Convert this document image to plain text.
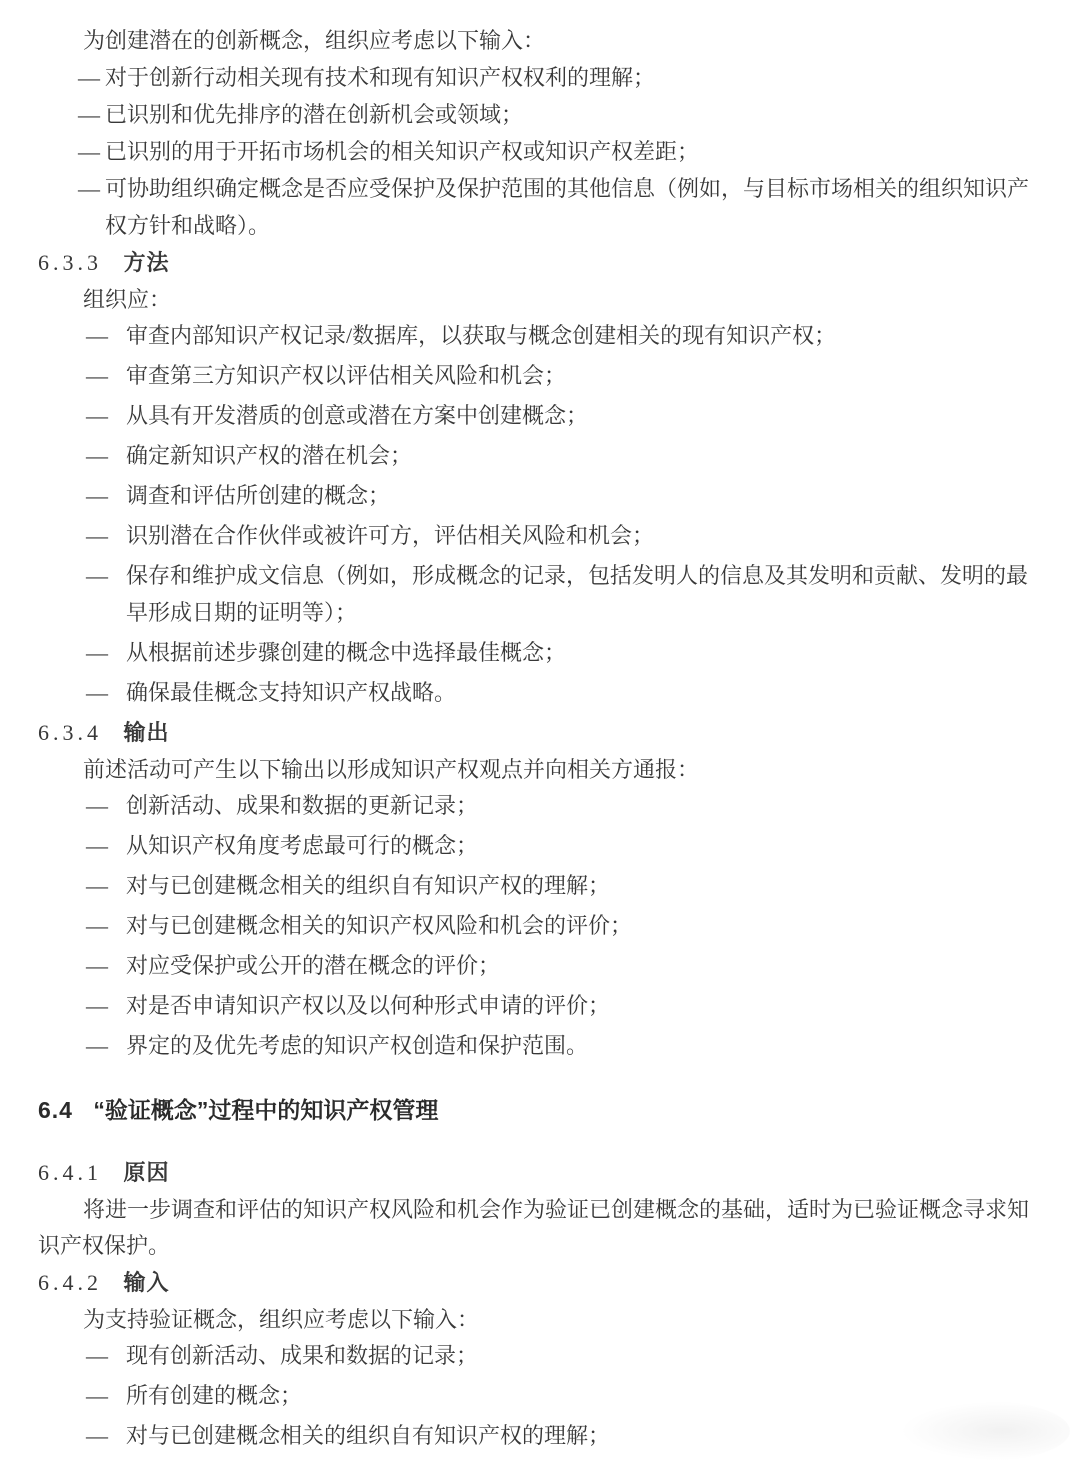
为创建潜在的创新概念，组织应考虑以下输入：

— 对于创新行动相关现有技术和现有知识产权权利的理解；
— 已识别和优先排序的潜在创新机会或领域；
— 已识别的用于开拓市场机会的相关知识产权或知识产权差距；
— 可协助组织确定概念是否应受保护及保护范围的其他信息（例如，与目标市场相关的组织知识产权方针和战略）。

6.3.3 方法

组织应：

— 审查内部知识产权记录/数据库，以获取与概念创建相关的现有知识产权；
— 审查第三方知识产权以评估相关风险和机会；
— 从具有开发潜质的创意或潜在方案中创建概念；
— 确定新知识产权的潜在机会；
— 调查和评估所创建的概念；
— 识别潜在合作伙伴或被许可方，评估相关风险和机会；
— 保存和维护成文信息（例如，形成概念的记录，包括发明人的信息及其发明和贡献、发明的最早形成日期的证明等）；
— 从根据前述步骤创建的概念中选择最佳概念；
— 确保最佳概念支持知识产权战略。

6.3.4 输出

前述活动可产生以下输出以形成知识产权观点并向相关方通报：

— 创新活动、成果和数据的更新记录；
— 从知识产权角度考虑最可行的概念；
— 对与已创建概念相关的组织自有知识产权的理解；
— 对与已创建概念相关的知识产权风险和机会的评价；
— 对应受保护或公开的潜在概念的评价；
— 对是否申请知识产权以及以何种形式申请的评价；
— 界定的及优先考虑的知识产权创造和保护范围。

6.4 “验证概念”过程中的知识产权管理

6.4.1 原因

将进一步调查和评估的知识产权风险和机会作为验证已创建概念的基础，适时为已验证概念寻求知识产权保护。

6.4.2 输入

为支持验证概念，组织应考虑以下输入：

— 现有创新活动、成果和数据的记录；
— 所有创建的概念；
— 对与已创建概念相关的组织自有知识产权的理解；
